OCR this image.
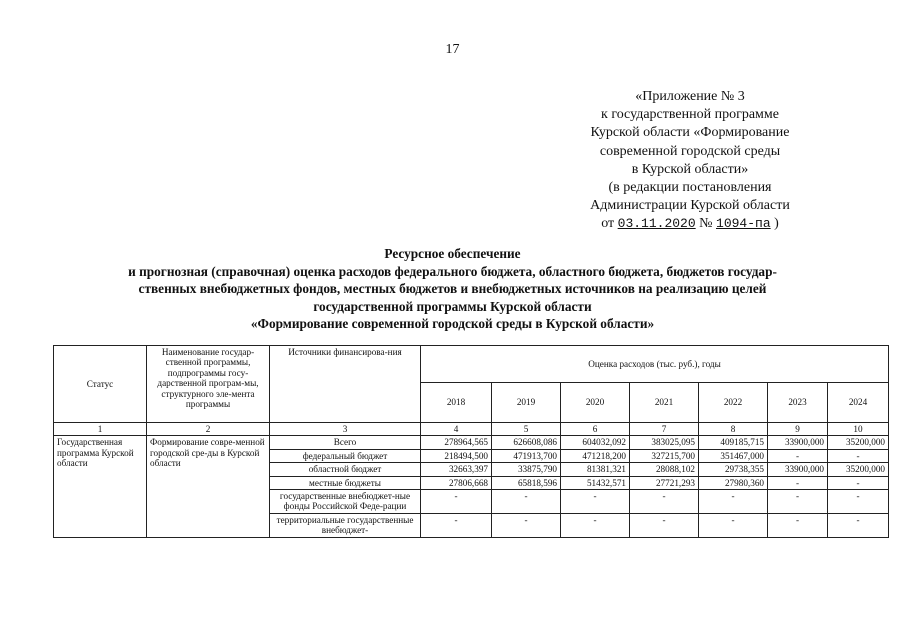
17
«Приложение № 3
к государственной программе
Курской области «Формирование
современной городской среды
в Курской области»
(в редакции постановления
Администрации Курской области
от 03.11.2020 № 1094-па )
Ресурсное обеспечение
и прогнозная (справочная) оценка расходов федерального бюджета, областного бюджета, бюджетов государ-
ственных внебюджетных фондов, местных бюджетов и внебюджетных источников на реализацию целей
государственной программы Курской области
«Формирование современной городской среды в Курской области»
Статус	Наименование государ-ственной программы, подпрограммы госу-дарственной програм-мы, структурного эле-мента программы	Источники финансирова-ния	Оценка расходов (тыс. руб.), годы						
			2018	2019	2020	2021	2022	2023	2024
1	2	3	4	5	6	7	8	9	10
Государственная программа Курской области	Формирование совре-менной городской сре-ды в Курской области	Всего	278964,565	626608,086	604032,092	383025,095	409185,715	33900,000	35200,000
		федеральный бюджет	218494,500	471913,700	471218,200	327215,700	351467,000	-	-
		областной бюджет	32663,397	33875,790	81381,321	28088,102	29738,355	33900,000	35200,000
		местные бюджеты	27806,668	65818,596	51432,571	27721,293	27980,360	-	-
		государственные внебюджет-ные фонды Российской Феде-рации	-	-	-	-	-	-	-
		территориальные государственные внебюджет-	-	-	-	-	-	-	-
